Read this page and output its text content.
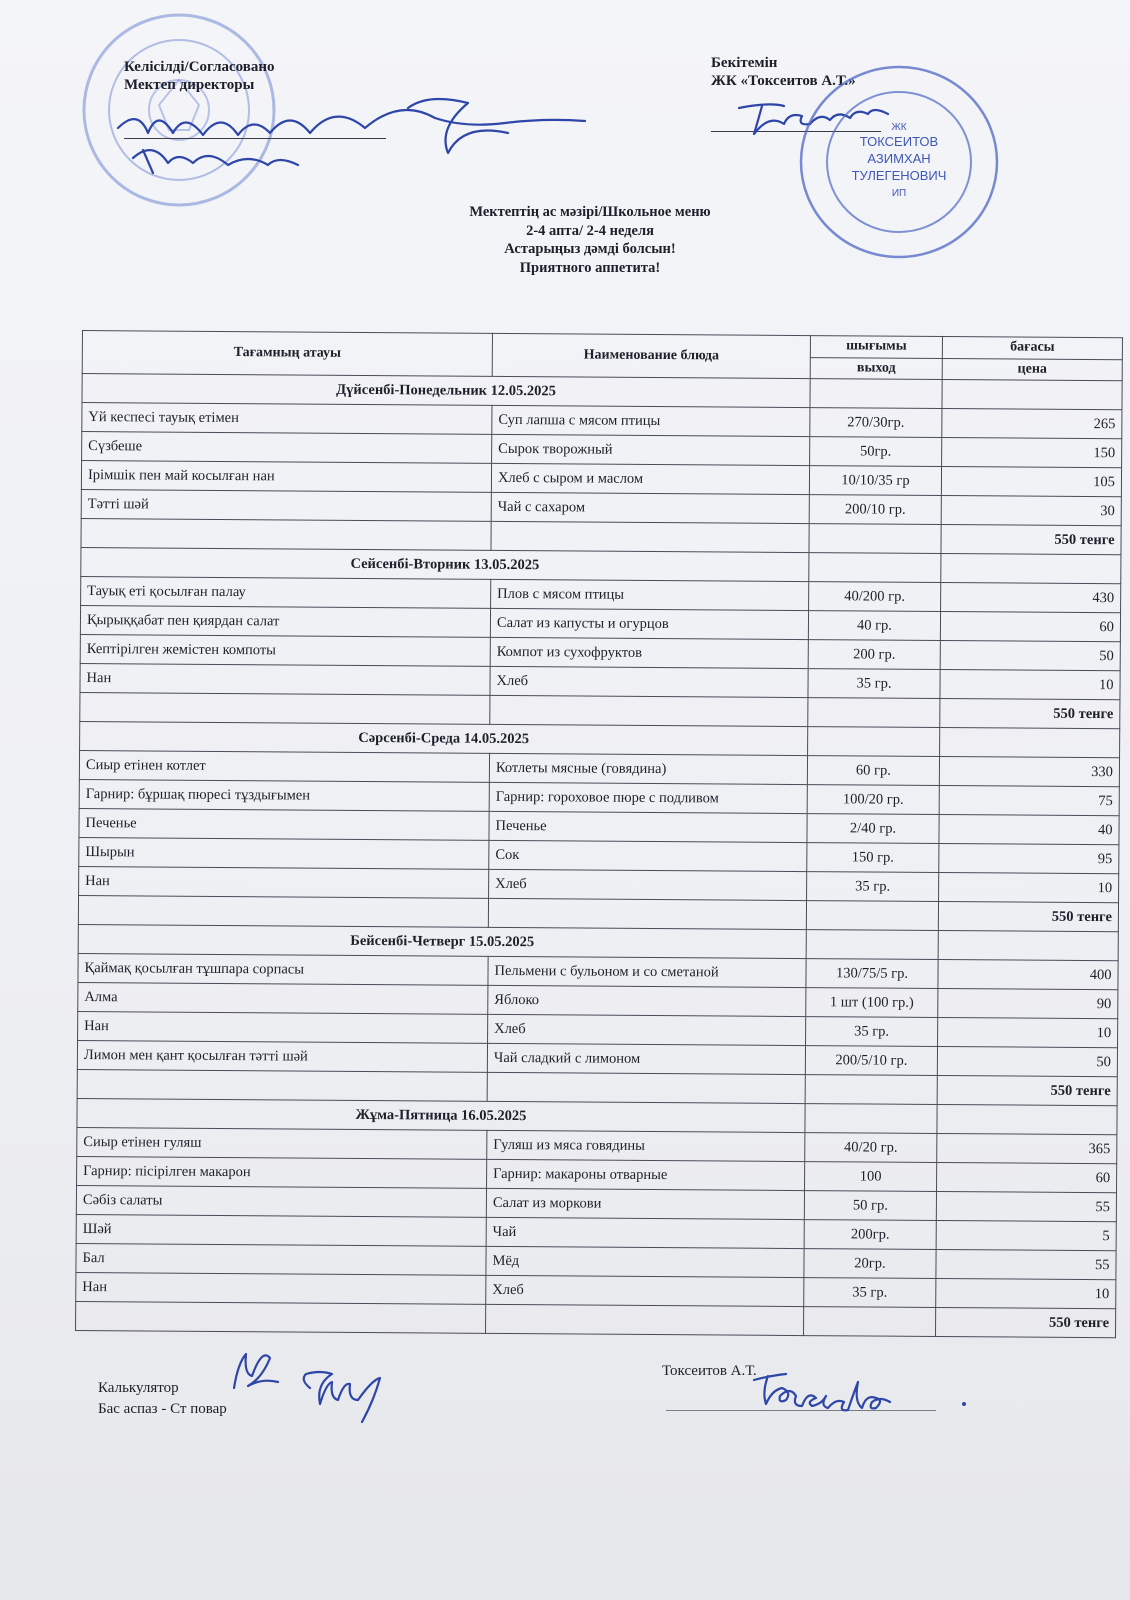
Келісілді/Согласовано
Мектеп директоры
Бекітемін
ЖК «Токсеитов А.Т.»
ЖК
ТОКСЕИТОВ
АЗИМХАН
ТУЛЕГЕНОВИЧ
ИП
Мектептің ас мәзірі/Школьное меню
2-4 апта/ 2-4 неделя
Астарыңыз дәмді болсын!
Приятного аппетита!
Тағамның атауы	Наименование блюда	шығымы	бағасы
		выход	цена
Дүйсенбі-Понедельник 12.05.2025			
Үй кеспесі тауық етімен	Суп лапша с мясом птицы	270/30гр.	265
Сүзбеше	Сырок творожный	50гр.	150
Ірімшік пен май косылған нан	Хлеб с сыром и маслом	10/10/35 гр	105
Тәтті шәй	Чай с сахаром	200/10 гр.	30
			550 тенге
Сейсенбі-Вторник 13.05.2025			
Тауық еті қосылған палау	Плов с мясом птицы	40/200 гр.	430
Қырыққабат пен қиярдан салат	Салат из капусты и огурцов	40 гр.	60
Кептірілген жемістен компоты	Компот из сухофруктов	200 гр.	50
Нан	Хлеб	35 гр.	10
			550 тенге
Сәрсенбі-Среда 14.05.2025			
Сиыр етінен котлет	Котлеты мясные (говядина)	60 гр.	330
Гарнир: бұршақ пюресі тұздығымен	Гарнир: гороховое пюре с подливом	100/20 гр.	75
Печенье	Печенье	2/40 гр.	40
Шырын	Сок	150 гр.	95
Нан	Хлеб	35 гр.	10
			550 тенге
Бейсенбі-Четверг 15.05.2025			
Қаймақ қосылған тұшпара сорпасы	Пельмени с бульоном и со сметаной	130/75/5 гр.	400
Алма	Яблоко	1 шт (100 гр.)	90
Нан	Хлеб	35 гр.	10
Лимон мен қант қосылған тәтті шәй	Чай сладкий с лимоном	200/5/10 гр.	50
			550 тенге
Жұма-Пятница 16.05.2025			
Сиыр етінен гуляш	Гуляш из мяса говядины	40/20 гр.	365
Гарнир: пісірілген макарон	Гарнир: макароны отварные	100	60
Сәбіз салаты	Салат из моркови	50 гр.	55
Шәй	Чай	200гр.	5
Бал	Мёд	20гр.	55
Нан	Хлеб	35 гр.	10
			550 тенге
Калькулятор
Бас аспаз - Ст повар
Токсеитов А.Т.
